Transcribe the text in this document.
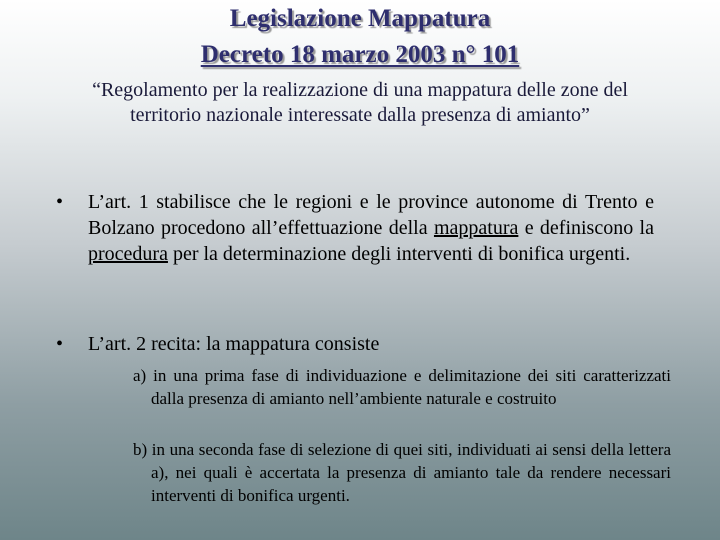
Legislazione Mappatura
Decreto 18 marzo 2003 n° 101
“Regolamento per la realizzazione di una mappatura delle zone del territorio nazionale interessate dalla presenza di amianto”
• L’art. 1 stabilisce che le regioni e le province autonome di Trento e Bolzano procedono all’effettuazione della mappatura e definiscono la procedura per la determinazione degli interventi di bonifica urgenti.
• L’art. 2 recita: la mappatura consiste
a) in una prima fase di individuazione e delimitazione dei siti caratterizzati dalla presenza di amianto nell’ambiente naturale e costruito
b) in una seconda fase di selezione di quei siti, individuati ai sensi della lettera a), nei quali è accertata la presenza di amianto tale da rendere necessari interventi di bonifica urgenti.
